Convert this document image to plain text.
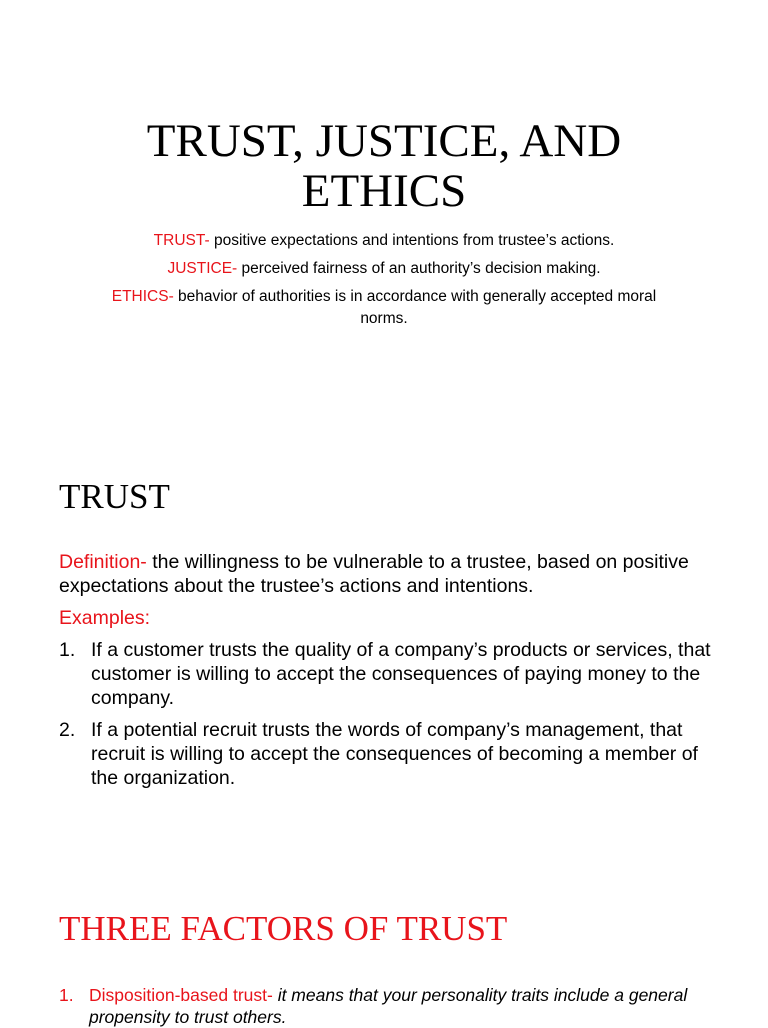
TRUST, JUSTICE, AND
ETHICS

TRUST- positive expectations and intentions from trustee’s actions.

JUSTICE- perceived fairness of an authority’s decision making.

ETHICS- behavior of authorities is in accordance with generally accepted moral norms.

TRUST

Definition- the willingness to be vulnerable to a trustee, based on positive expectations about the trustee’s actions and intentions.

Examples:

1. If a customer trusts the quality of a company’s products or services, that customer is willing to accept the consequences of paying money to the company.
2. If a potential recruit trusts the words of company’s management, that recruit is willing to accept the consequences of becoming a member of the organization.
THREE FACTORS OF TRUST
1. Disposition-based trust- it means that your personality traits include a general propensity to trust others.
